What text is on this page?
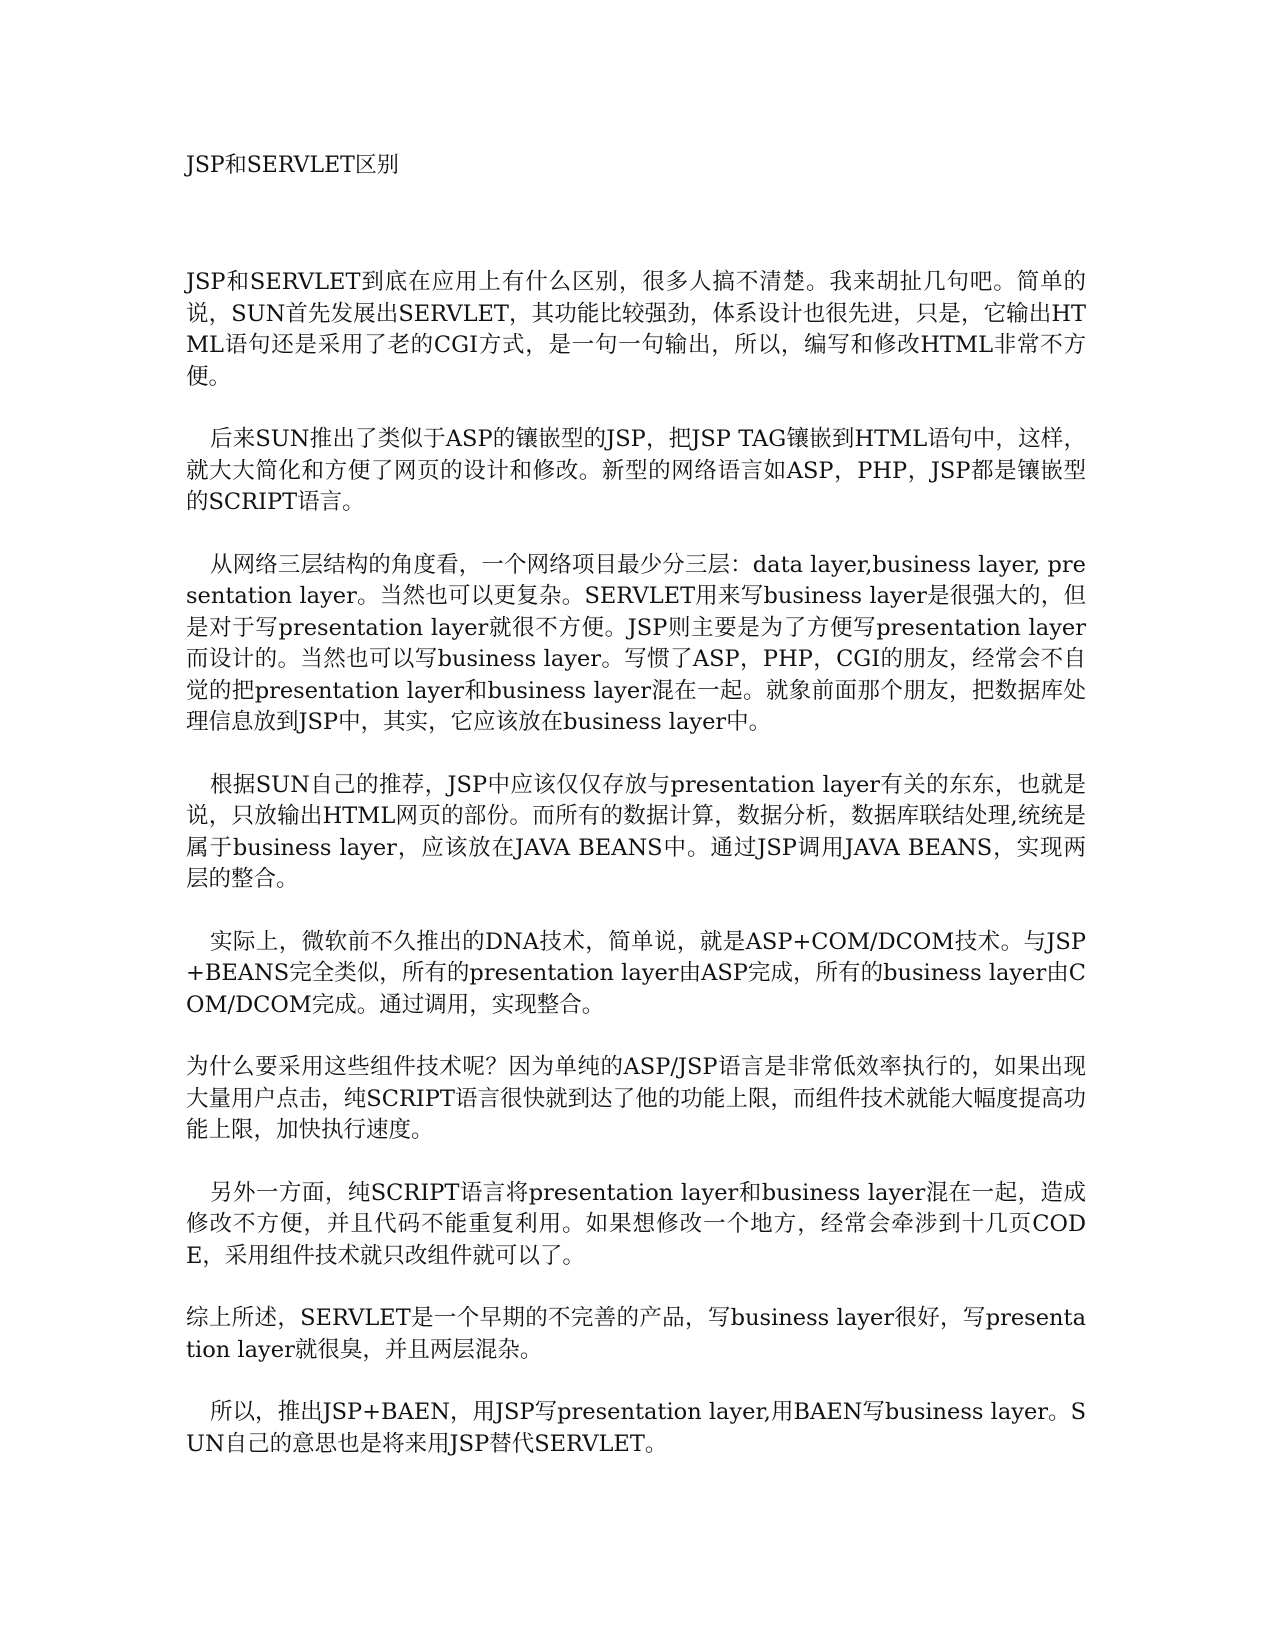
JSP和SERVLET区别

JSP和SERVLET到底在应用上有什么区别，很多人搞不清楚。我来胡扯几句吧。简单的说，SUN首先发展出SERVLET，其功能比较强劲，体系设计也很先进，只是，它输出HTML语句还是采用了老的CGI方式，是一句一句输出，所以，编写和修改HTML非常不方便。

后来SUN推出了类似于ASP的镶嵌型的JSP，把JSP TAG镶嵌到HTML语句中，这样，就大大简化和方便了网页的设计和修改。新型的网络语言如ASP，PHP，JSP都是镶嵌型的SCRIPT语言。

从网络三层结构的角度看，一个网络项目最少分三层：data layer,business layer, presentation layer。当然也可以更复杂。SERVLET用来写business layer是很强大的，但是对于写presentation layer就很不方便。JSP则主要是为了方便写presentation layer而设计的。当然也可以写business layer。写惯了ASP，PHP，CGI的朋友，经常会不自觉的把presentation layer和business layer混在一起。就象前面那个朋友，把数据库处理信息放到JSP中，其实，它应该放在business layer中。

根据SUN自己的推荐，JSP中应该仅仅存放与presentation layer有关的东东，也就是说，只放输出HTML网页的部份。而所有的数据计算，数据分析，数据库联结处理,统统是属于business layer，应该放在JAVA BEANS中。通过JSP调用JAVA BEANS，实现两层的整合。

实际上，微软前不久推出的DNA技术，简单说，就是ASP+COM/DCOM技术。与JSP+BEANS完全类似，所有的presentation layer由ASP完成，所有的business layer由COM/DCOM完成。通过调用，实现整合。

为什么要采用这些组件技术呢？因为单纯的ASP/JSP语言是非常低效率执行的，如果出现大量用户点击，纯SCRIPT语言很快就到达了他的功能上限，而组件技术就能大幅度提高功能上限，加快执行速度。

另外一方面，纯SCRIPT语言将presentation layer和business layer混在一起，造成修改不方便，并且代码不能重复利用。如果想修改一个地方，经常会牵涉到十几页CODE，采用组件技术就只改组件就可以了。

综上所述，SERVLET是一个早期的不完善的产品，写business layer很好，写presentation layer就很臭，并且两层混杂。

所以，推出JSP+BAEN，用JSP写presentation layer,用BAEN写business layer。SUN自己的意思也是将来用JSP替代SERVLET。
